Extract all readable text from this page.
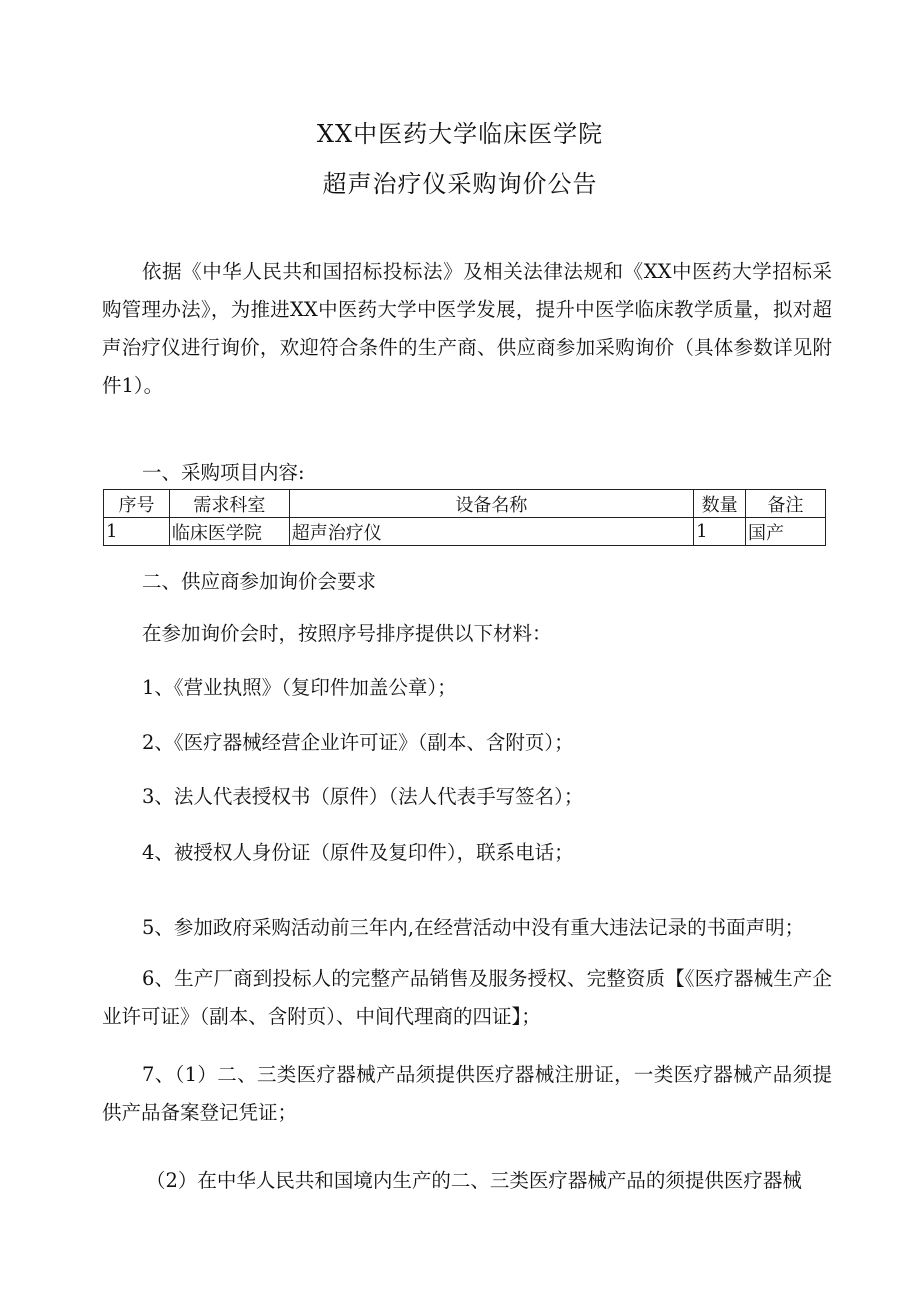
XX中医药大学临床医学院
超声治疗仪采购询价公告

依据《中华人民共和国招标投标法》及相关法律法规和《XX中医药大学招标采购管理办法》，为推进XX中医药大学中医学发展，提升中医学临床教学质量，拟对超声治疗仪进行询价，欢迎符合条件的生产商、供应商参加采购询价（具体参数详见附件1）。

一、采购项目内容:
序号	需求科室	设备名称	数量	备注
1	临床医学院	超声治疗仪	1	国产
二、供应商参加询价会要求
在参加询价会时，按照序号排序提供以下材料：
1、《营业执照》（复印件加盖公章）；
2、《医疗器械经营企业许可证》（副本、含附页）；
3、法人代表授权书（原件）（法人代表手写签名）；
4、被授权人身份证（原件及复印件），联系电话；
5、参加政府采购活动前三年内,在经营活动中没有重大违法记录的书面声明；

6、生产厂商到投标人的完整产品销售及服务授权、完整资质【《医疗器械生产企业许可证》（副本、含附页）、中间代理商的四证】；

7、（1）二、三类医疗器械产品须提供医疗器械注册证，一类医疗器械产品须提供产品备案登记凭证；

（2）在中华人民共和国境内生产的二、三类医疗器械产品的须提供医疗器械
